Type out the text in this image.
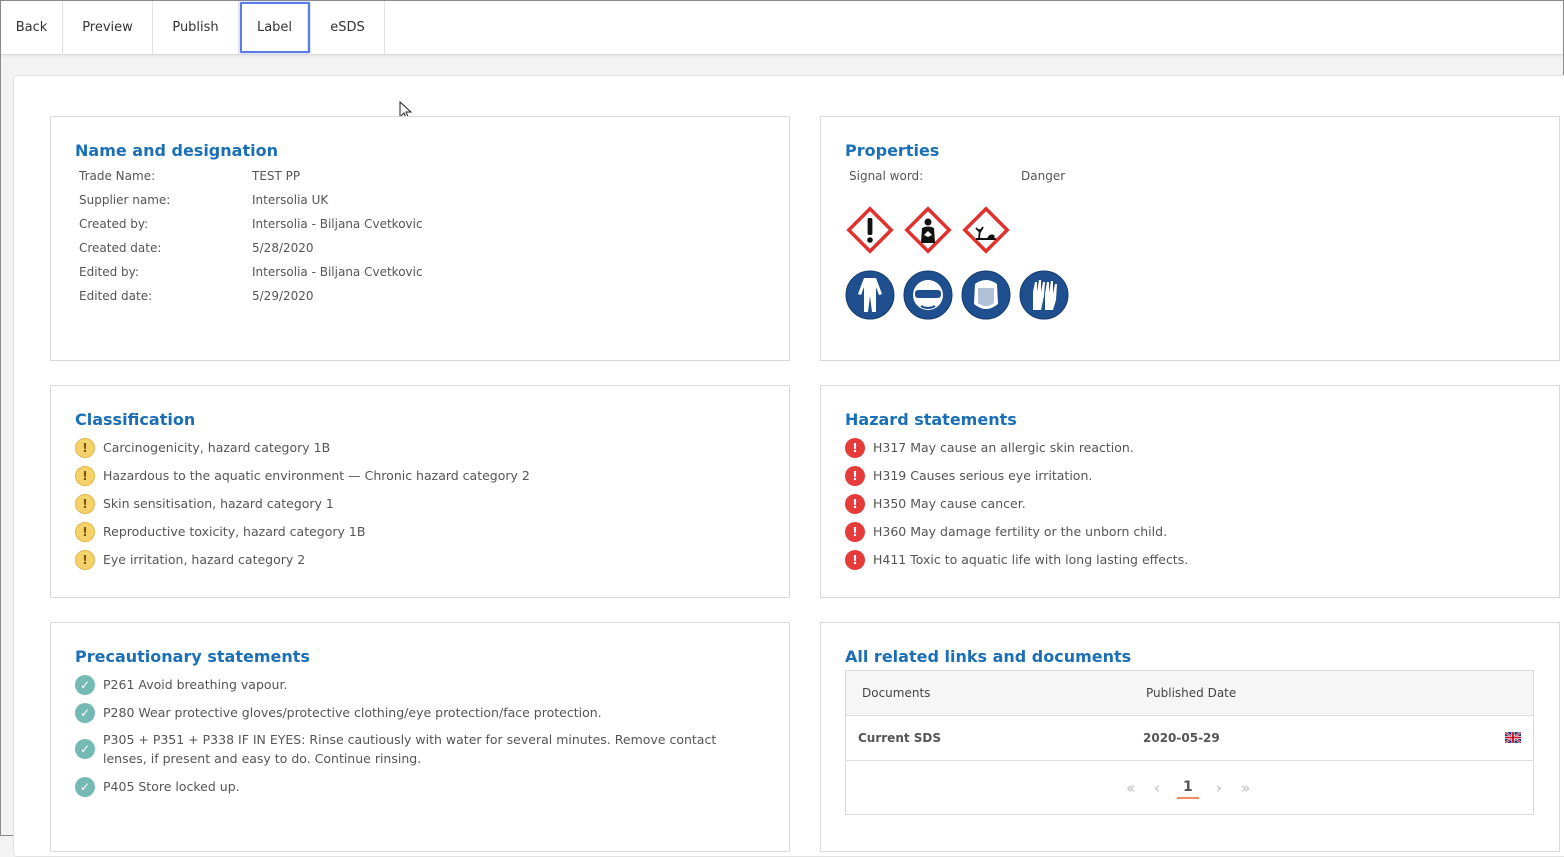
Back	Preview	Publish	Label	eSDS
Name and designation
Trade Name:	TEST PP
Supplier name:	Intersolia UK
Created by:	Intersolia - Biljana Cvetkovic
Created date:	5/28/2020
Edited by:	Intersolia - Biljana Cvetkovic
Edited date:	5/29/2020
Properties
Signal word:	Danger
Classification
!	Carcinogenicity, hazard category 1B
!	Hazardous to the aquatic environment — Chronic hazard category 2
!	Skin sensitisation, hazard category 1
!	Reproductive toxicity, hazard category 1B
!	Eye irritation, hazard category 2
Hazard statements
!	H317 May cause an allergic skin reaction.
!	H319 Causes serious eye irritation.
!	H350 May cause cancer.
!	H360 May damage fertility or the unborn child.
!	H411 Toxic to aquatic life with long lasting effects.
Precautionary statements
✓	P261 Avoid breathing vapour.
✓	P280 Wear protective gloves/protective clothing/eye protection/face protection.
✓
P305 + P351 + P338 IF IN EYES: Rinse cautiously with water for several minutes. Remove contact lenses, if present and easy to do. Continue rinsing.
✓	P405 Store locked up.
All related links and documents
Documents	Published Date
Current SDS	2020-05-29
« ‹	1	› »
